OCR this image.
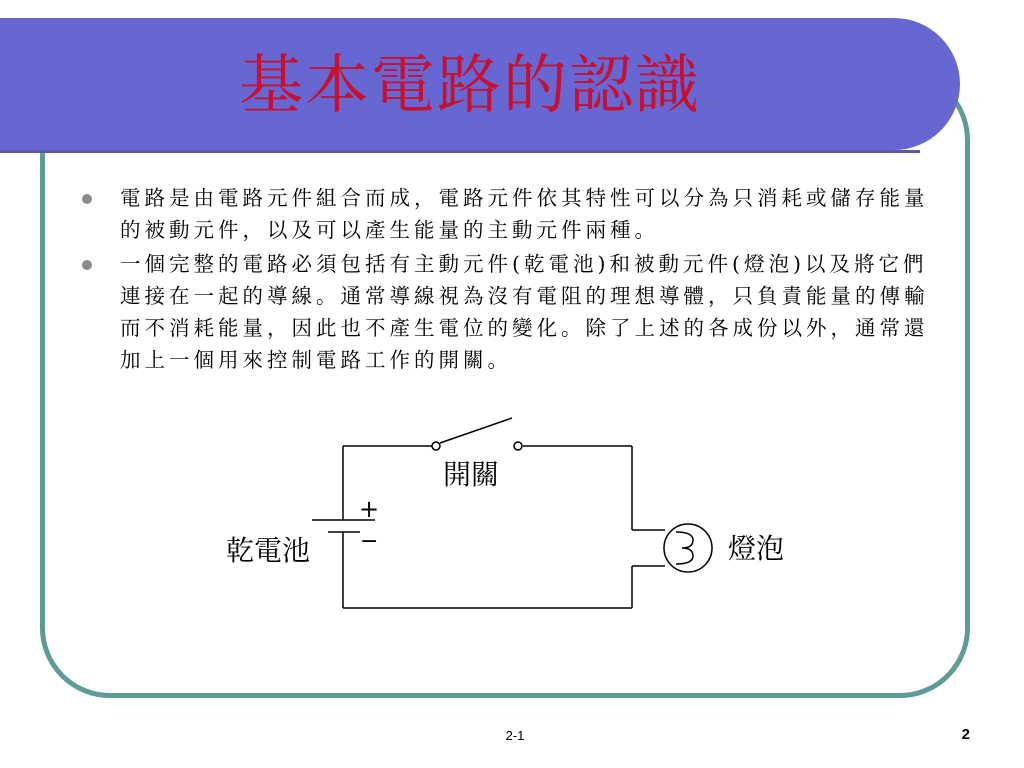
基本電路的認識
電路是由電路元件組合而成，電路元件依其特性可以分為只消耗或儲存能量的被動元件，以及可以產生能量的主動元件兩種。
一個完整的電路必須包括有主動元件(乾電池)和被動元件(燈泡)以及將它們連接在一起的導線。通常導線視為沒有電阻的理想導體，只負責能量的傳輸而不消耗能量，因此也不產生電位的變化。除了上述的各成份以外，通常還加上一個用來控制電路工作的開關。
開關
+
−
乾電池	燈泡
2-1	2
